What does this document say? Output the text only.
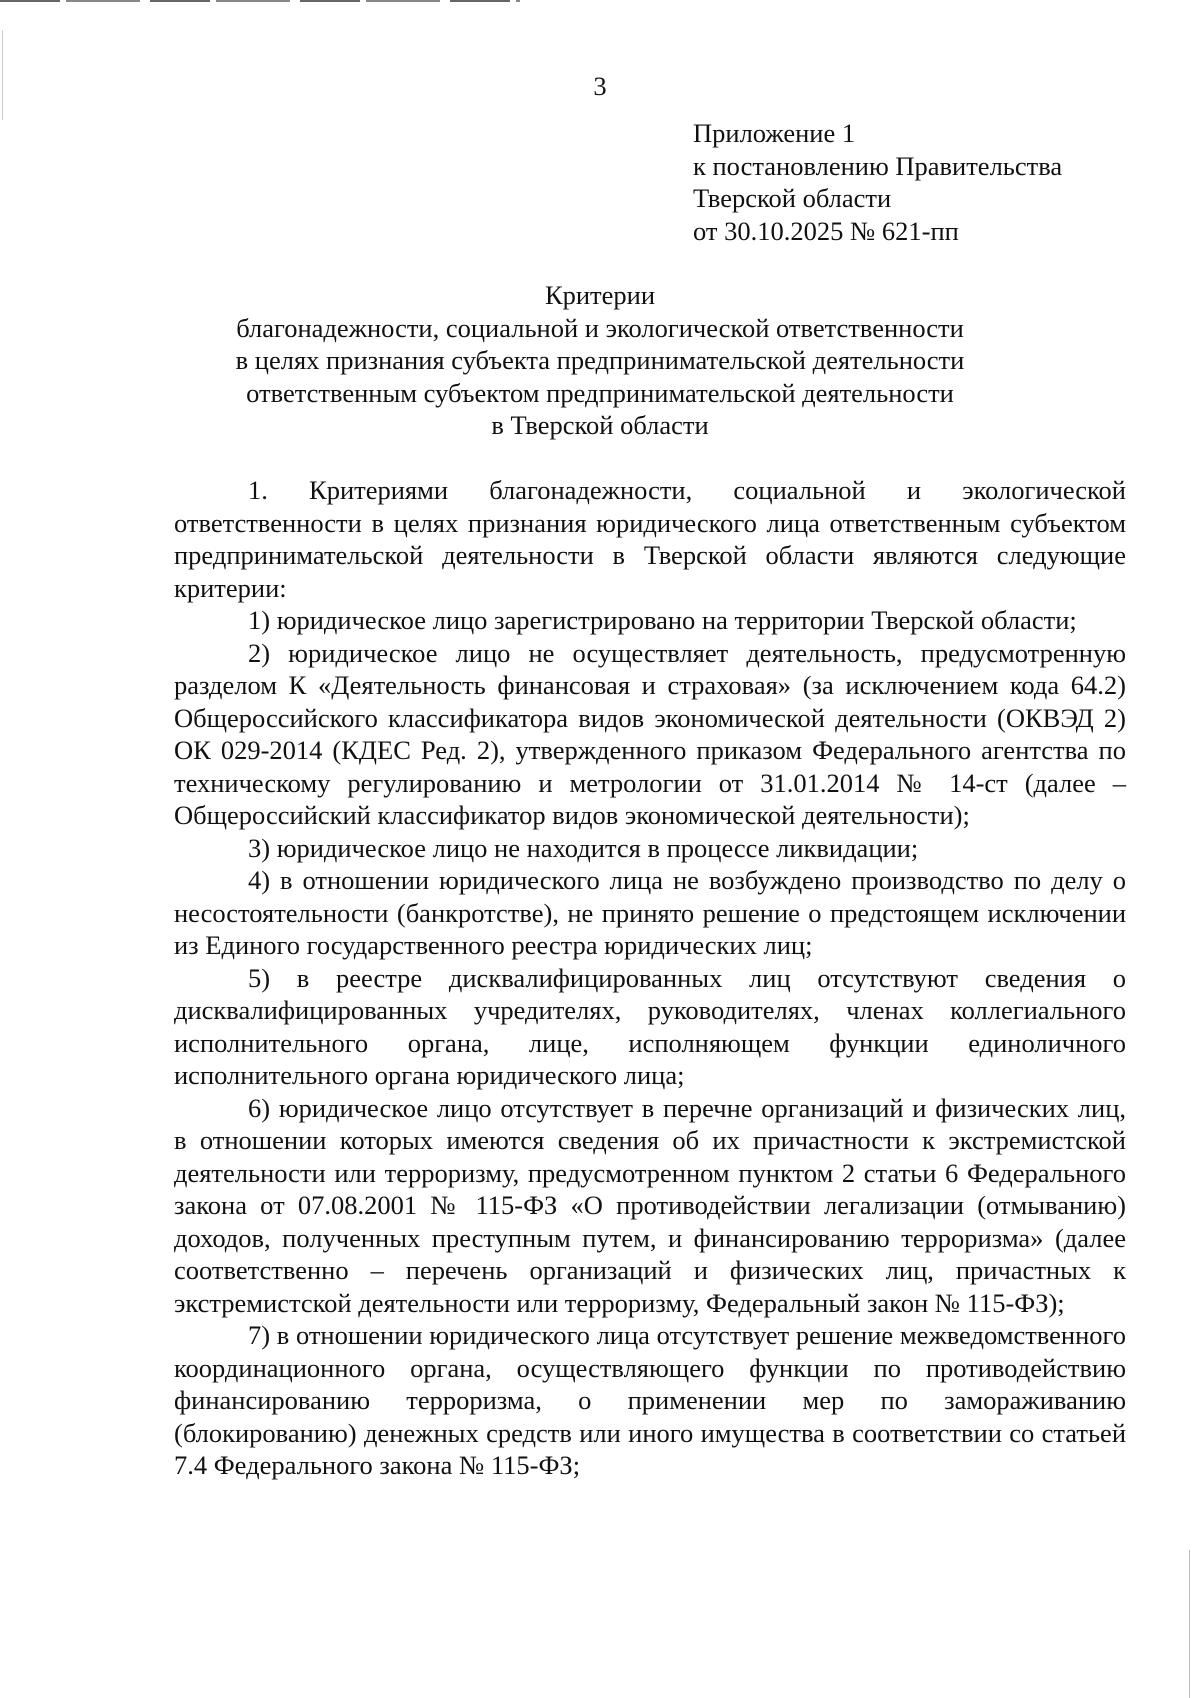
3
Приложение 1
к постановлению Правительства
Тверской области
от 30.10.2025 № 621-пп
Критерии
благонадежности, социальной и экологической ответственности
в целях признания субъекта предпринимательской деятельности
ответственным субъектом предпринимательской деятельности
в Тверской области

1. Критериями благонадежности, социальной и экологической ответственности в целях признания юридического лица ответственным субъектом предпринимательской деятельности в Тверской области являются следующие критерии:

1) юридическое лицо зарегистрировано на территории Тверской области;

2) юридическое лицо не осуществляет деятельность, предусмотренную разделом К «Деятельность финансовая и страховая» (за исключением кода 64.2) Общероссийского классификатора видов экономической деятельности (ОКВЭД 2) ОК 029-2014 (КДЕС Ред. 2), утвержденного приказом Федерального агентства по техническому регулированию и метрологии от 31.01.2014 № 14-ст (далее – Общероссийский классификатор видов экономической деятельности);

3) юридическое лицо не находится в процессе ликвидации;

4) в отношении юридического лица не возбуждено производство по делу о несостоятельности (банкротстве), не принято решение о предстоящем исключении из Единого государственного реестра юридических лиц;

5) в реестре дисквалифицированных лиц отсутствуют сведения о дисквалифицированных учредителях, руководителях, членах коллегиального исполнительного органа, лице, исполняющем функции единоличного исполнительного органа юридического лица;

6) юридическое лицо отсутствует в перечне организаций и физических лиц, в отношении которых имеются сведения об их причастности к экстремистской деятельности или терроризму, предусмотренном пунктом 2 статьи 6 Федерального закона от 07.08.2001 № 115-ФЗ «О противодействии легализации (отмыванию) доходов, полученных преступным путем, и финансированию терроризма» (далее соответственно – перечень организаций и физических лиц, причастных к экстремистской деятельности или терроризму, Федеральный закон № 115-ФЗ);

7) в отношении юридического лица отсутствует решение межведомственного координационного органа, осуществляющего функции по противодействию финансированию терроризма, о применении мер по замораживанию (блокированию) денежных средств или иного имущества в соответствии со статьей 7.4 Федерального закона № 115-ФЗ;
